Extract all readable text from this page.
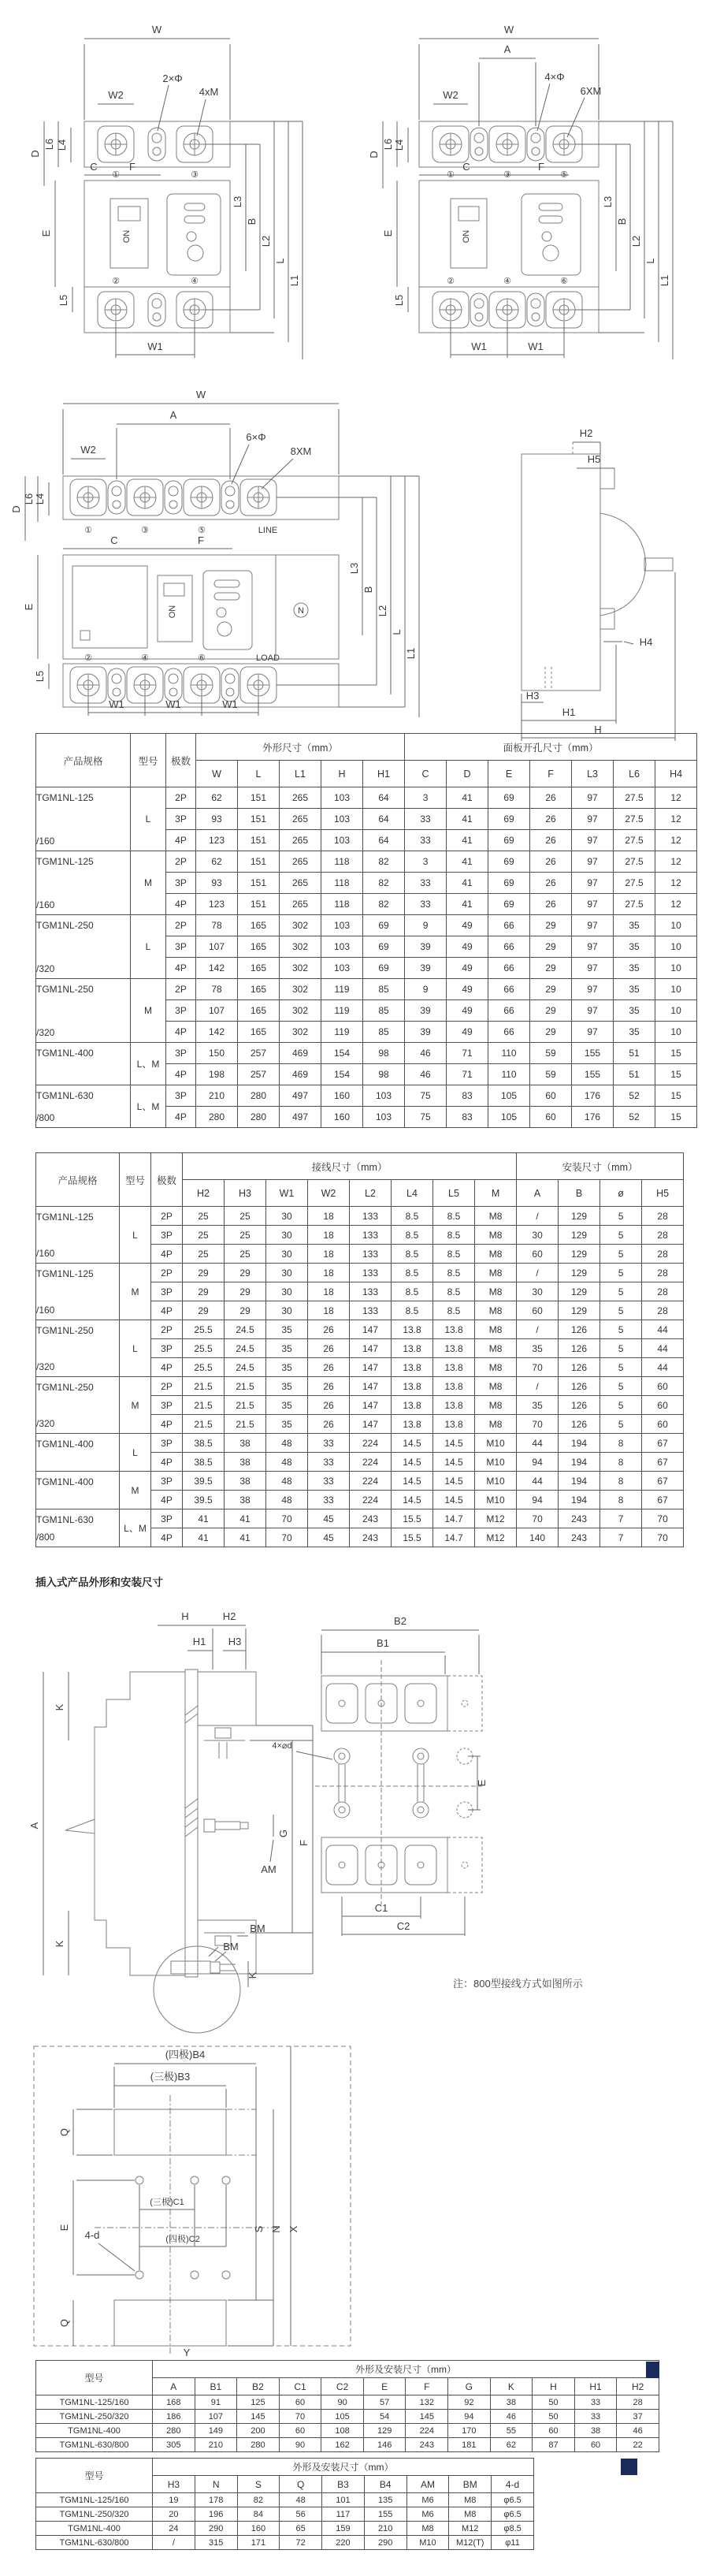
W
W2
2×Φ
4xM
L4
L6
D
C	F
E	ON
①	③
②	④
L5
W1
L3
B
L2
L
L1
W
A
W2
4×Φ
6XM
L4
L6
D
C	F
E	ON
①	③	⑤
②	④	⑥
L5
W1	W1
L3
B
L2
L
L1
W
A
W2
6×Φ
8XM
L4
L6
D
C	F
E	ON	N
①	③	⑤	LINE
②	④	⑥	LOAD
L5
W1	W1	W1
L3
B
L2
L
L1
H2
H5
H4
H3
H1
H
插入式产品外形和安装尺寸
H	H2
H1 H3
A
K
K
AM
G
F
BM
BM
K
B2
B1
4×⌀d
E
C1
C2
注：800型接线方式如图所示
(四极)B4
(三极)B3
Q
E
Q
(三极)C1
(四极)C2
4-d	S N X
Y
产品规格	型号	极数	外形尺寸（mm）					面板开孔尺寸（mm）						
			W	L	L1	H	H1	C	D	E	F	L3	L6	H4

TGM1NL-125
/160	L	2P	62	151	265	103	64	3	41	69	26	97	27.5	12
		3P	93	151	265	103	64	33	41	69	26	97	27.5	12
		4P	123	151	265	103	64	33	41	69	26	97	27.5	12

TGM1NL-125
/160	M	2P	62	151	265	118	82	3	41	69	26	97	27.5	12
		3P	93	151	265	118	82	33	41	69	26	97	27.5	12
		4P	123	151	265	118	82	33	41	69	26	97	27.5	12

TGM1NL-250
/320	L	2P	78	165	302	103	69	9	49	66	29	97	35	10
		3P	107	165	302	103	69	39	49	66	29	97	35	10
		4P	142	165	302	103	69	39	49	66	29	97	35	10

TGM1NL-250
/320	M	2P	78	165	302	119	85	9	49	66	29	97	35	10
		3P	107	165	302	119	85	39	49	66	29	97	35	10
		4P	142	165	302	119	85	39	49	66	29	97	35	10

TGM1NL-400	L、M	3P	150	257	469	154	98	46	71	110	59	155	51	15
		4P	198	257	469	154	98	46	71	110	59	155	51	15

TGM1NL-630
/800	L、M	3P	210	280	497	160	103	75	83	105	60	176	52	15
		4P	280	280	497	160	103	75	83	105	60	176	52	15
产品规格	型号	极数	接线尺寸（mm）								安装尺寸（mm）			
			H2	H3	W1	W2	L2	L4	L5	M	A	B	ø	H5

TGM1NL-125
/160	L	2P	25	25	30	18	133	8.5	8.5	M8	/	129	5	28
		3P	25	25	30	18	133	8.5	8.5	M8	30	129	5	28
		4P	25	25	30	18	133	8.5	8.5	M8	60	129	5	28

TGM1NL-125
/160	M	2P	29	29	30	18	133	8.5	8.5	M8	/	129	5	28
		3P	29	29	30	18	133	8.5	8.5	M8	30	129	5	28
		4P	29	29	30	18	133	8.5	8.5	M8	60	129	5	28

TGM1NL-250
/320	L	2P	25.5	24.5	35	26	147	13.8	13.8	M8	/	126	5	44
		3P	25.5	24.5	35	26	147	13.8	13.8	M8	35	126	5	44
		4P	25.5	24.5	35	26	147	13.8	13.8	M8	70	126	5	44

TGM1NL-250
/320	M	2P	21.5	21.5	35	26	147	13.8	13.8	M8	/	126	5	60
		3P	21.5	21.5	35	26	147	13.8	13.8	M8	35	126	5	60
		4P	21.5	21.5	35	26	147	13.8	13.8	M8	70	126	5	60

TGM1NL-400	L	3P	38.5	38	48	33	224	14.5	14.5	M10	44	194	8	67
		4P	38.5	38	48	33	224	14.5	14.5	M10	94	194	8	67

TGM1NL-400	M	3P	39.5	38	48	33	224	14.5	14.5	M10	44	194	8	67
		4P	39.5	38	48	33	224	14.5	14.5	M10	94	194	8	67

TGM1NL-630
/800	L、M	3P	41	41	70	45	243	15.5	14.7	M12	70	243	7	70
		4P	41	41	70	45	243	15.5	14.7	M12	140	243	7	70
型号	外形及安装尺寸（mm）											
	A	B1	B2	C1	C2	E	F	G	K	H	H1	H2
TGM1NL-125/160	168	91	125	60	90	57	132	92	38	50	33	28
TGM1NL-250/320	186	107	145	70	105	54	145	94	46	50	33	37
TGM1NL-400	280	149	200	60	108	129	224	170	55	60	38	46
TGM1NL-630/800	305	210	280	90	162	146	243	181	62	87	60	22
型号	外形及安装尺寸（mm）								
	H3	N	S	Q	B3	B4	AM	BM	4-d
TGM1NL-125/160	19	178	82	48	101	135	M6	M8	φ6.5
TGM1NL-250/320	20	196	84	56	117	155	M6	M8	φ6.5
TGM1NL-400	24	290	160	65	159	210	M8	M12	φ8.5
TGM1NL-630/800	/	315	171	72	220	290	M10	M12(T)	φ11
